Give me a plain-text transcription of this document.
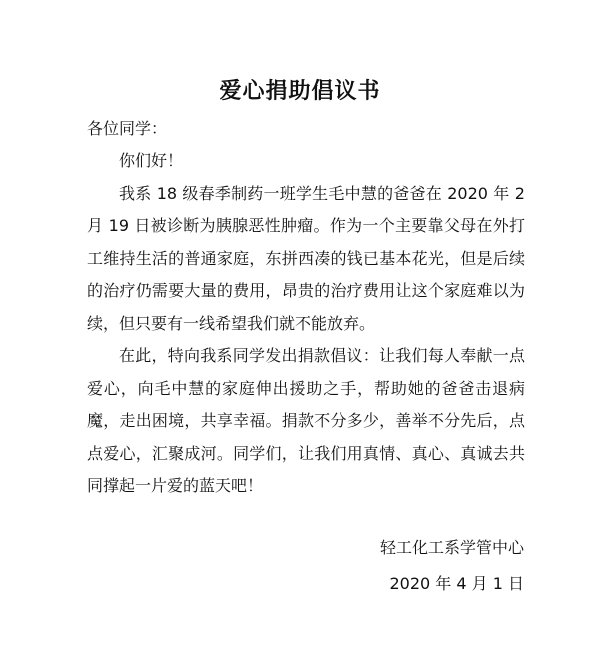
爱心捐助倡议书
各位同学：

你们好！

我系 18 级春季制药一班学生毛中慧的爸爸在 2020 年 2 月 19 日被诊断为胰腺恶性肿瘤。作为一个主要靠父母在外打工维持生活的普通家庭，东拼西凑的钱已基本花光，但是后续的治疗仍需要大量的费用，昂贵的治疗费用让这个家庭难以为续，但只要有一线希望我们就不能放弃。

在此，特向我系同学发出捐款倡议：让我们每人奉献一点爱心，向毛中慧的家庭伸出援助之手，帮助她的爸爸击退病魔，走出困境，共享幸福。捐款不分多少，善举不分先后，点点爱心，汇聚成河。同学们，让我们用真情、真心、真诚去共同撑起一片爱的蓝天吧！

轻工化工系学管中心
2020 年 4 月 1 日
